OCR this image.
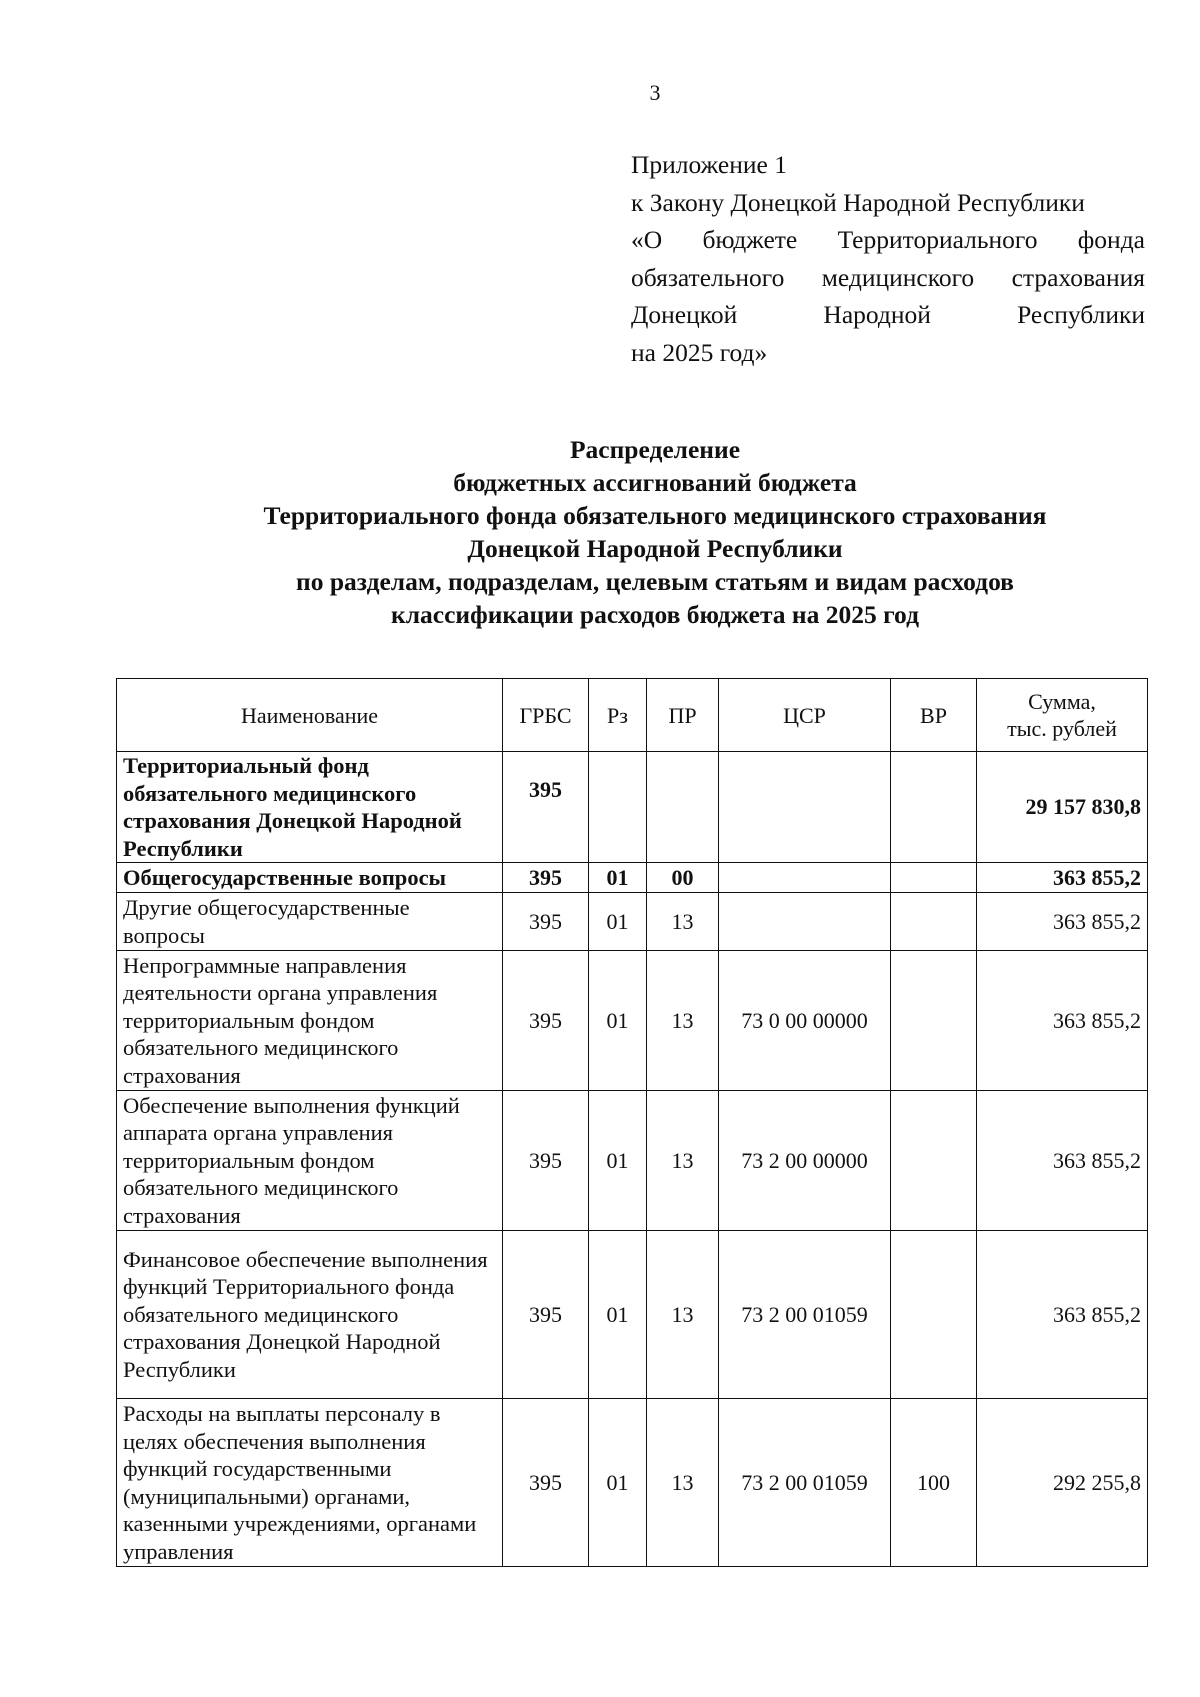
3
Приложение 1
к Закону Донецкой Народной Республики
«О бюджете Территориального фонда
обязательного медицинского страхования
Донецкой Народной Республики
на 2025 год»
Распределение
бюджетных ассигнований бюджета
Территориального фонда обязательного медицинского страхования
Донецкой Народной Республики
по разделам, подразделам, целевым статьям и видам расходов
классификации расходов бюджета на 2025 год
Наименование	ГРБС	Рз	ПР	ЦСР	ВР	Сумма,
тыс. рублей
Территориальный фонд обязательного медицинского страхования Донецкой Народной Республики	395					29 157 830,8
Общегосударственные вопросы	395	01	00			363 855,2
Другие общегосударственные вопросы	395	01	13			363 855,2
Непрограммные направления деятельности органа управления территориальным фондом обязательного медицинского страхования	395	01	13	73 0 00 00000		363 855,2
Обеспечение выполнения функций аппарата органа управления территориальным фондом обязательного медицинского страхования	395	01	13	73 2 00 00000		363 855,2
Финансовое обеспечение выполнения функций Территориального фонда обязательного медицинского страхования Донецкой Народной Республики	395	01	13	73 2 00 01059		363 855,2
Расходы на выплаты персоналу в целях обеспечения выполнения функций государственными (муниципальными) органами, казенными учреждениями, органами управления	395	01	13	73 2 00 01059	100	292 255,8
